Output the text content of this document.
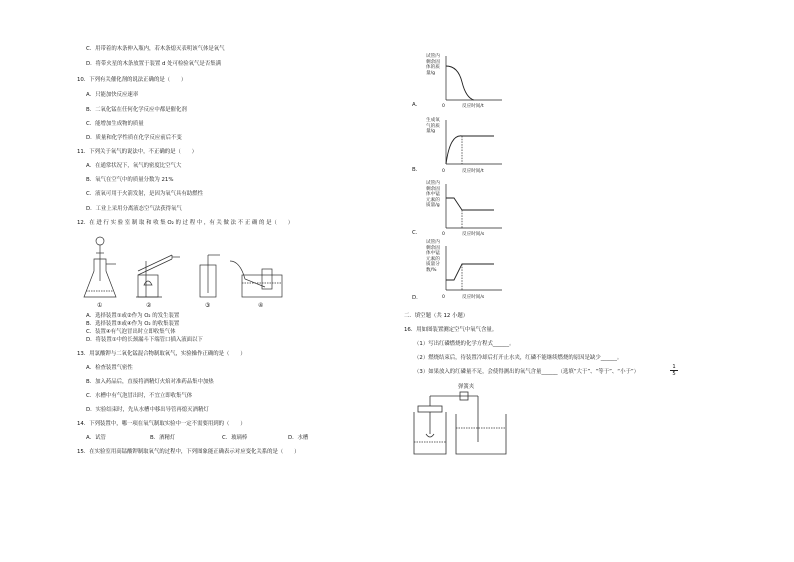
C．用带着的木条伸入瓶内，若木条熄灭表明该气体是氧气
D．将带火星的木条放置于装置 d 处可检验氧气是否集满
10．下列有关催化剂的说法正确的是（　　）
A．只能加快反应速率
B．二氧化锰在任何化学反应中都是催化剂
C．能增加生成物的质量
D．质量和化学性质在化学反应前后不变
11．下列关于氧气的说法中，不正确的是（　　）
A．在通常状况下，氧气的密度比空气大
B．氧气在空气中的质量分数为 21%
C．液氧可用于火箭发射，是因为氧气具有助燃性
D．工业上采用分离液态空气法获得氧气
12．在 进 行 实 验 室 制 取 和 收 集 O₂ 的 过 程 中 ，有 关 做 法 不 正 确 的 是（　　）
①	②	③	④
A．选择装置①或②作为 O₂ 的发生装置
B．选择装置③或④作为 O₂ 的收集装置
C．装置④有气泡冒出时立即收集气体
D．将装置①中的长颈漏斗下端管口插入液面以下
13．用氯酸钾与二氧化锰混合物制取氧气，实验操作正确的是（　　）
A．检查装置气密性
B．加入药品后，直接将酒精灯火焰对准药品集中加热
C．水槽中有气泡冒出时，不宜立即收集气体
D．实验结束时，先从水槽中移出导管再熄灭酒精灯
14．下列装置中，哪一项在氧气制取实验中一定不需要用到的（　　）
A．试管	B．酒精灯	C．玻璃棒	D．水槽
15．在实验室用高锰酸钾制取氧气的过程中，下列图象能正确表示对应变化关系的是（　　）
A．
试管内剩余固体的质量/g
0	反应时间/t
B．
生成氧气的质量/g
0	反应时间/t
C．
试管内剩余固体中锰元素的质量/g
0	反应时间/s
D．
试管内剩余固体中锰元素的质量分数/%
0	反应时间/s
二．填空题（共 12 小题）
16．用如图装置测定空气中氧气含量。
（1）写出红磷燃烧的化学方程式______。
（2）燃烧结束后，待装置冷却后打开止水夹，红磷不能继续燃烧的原因是缺少______。
（3）如果放入的红磷量不足，会使得测出的氧气含量______（选填“大于”、“等于”、“小于”）	$\frac{1}{5}$
弹簧夹
